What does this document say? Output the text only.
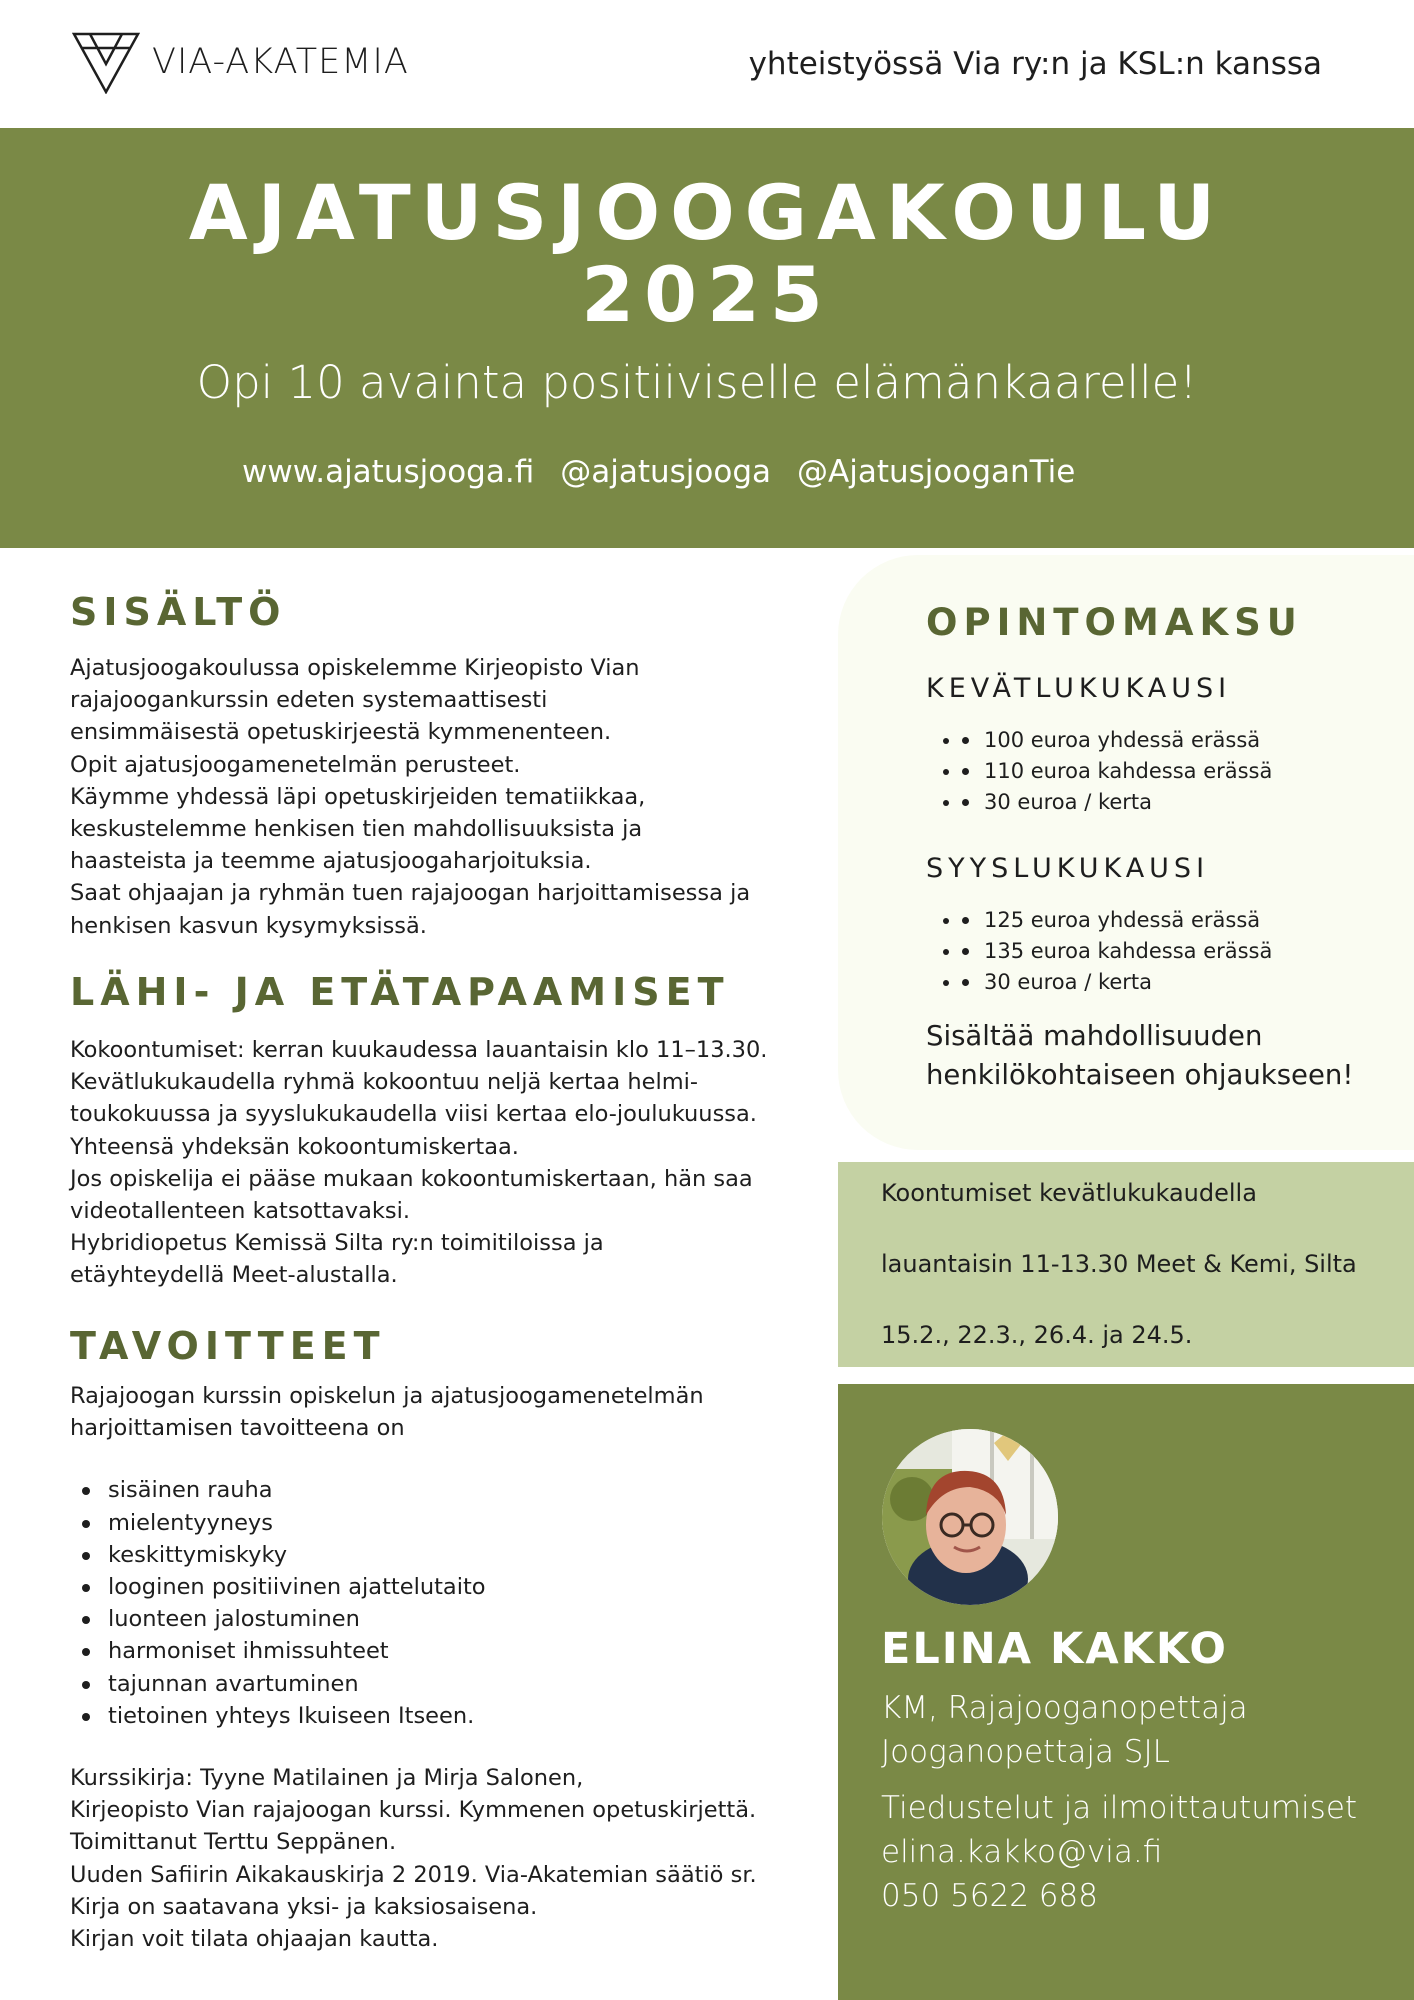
VIA-AKATEMIA	yhteistyössä Via ry:n ja KSL:n kanssa
AJATUSJOOGAKOULU
2025
Opi 10 avainta positiiviselle elämänkaarelle!
www.ajatusjooga.fi @ajatusjooga @AjatusjooganTie
SISÄLTÖ

Ajatusjoogakoulussa opiskelemme Kirjeopisto Vian

rajajoogankurssin edeten systemaattisesti

ensimmäisestä opetuskirjeestä kymmenenteen.

Opit ajatusjoogamenetelmän perusteet.

Käymme yhdessä läpi opetuskirjeiden tematiikkaa,

keskustelemme henkisen tien mahdollisuuksista ja

haasteista ja teemme ajatusjoogaharjoituksia.

Saat ohjaajan ja ryhmän tuen rajajoogan harjoittamisessa ja

henkisen kasvun kysymyksissä.

LÄHI- JA ETÄTAPAAMISET

Kokoontumiset: kerran kuukaudessa lauantaisin klo 11–13.30.

Kevätlukukaudella ryhmä kokoontuu neljä kertaa helmi-

toukokuussa ja syyslukukaudella viisi kertaa elo-joulukuussa.

Yhteensä yhdeksän kokoontumiskertaa.

Jos opiskelija ei pääse mukaan kokoontumiskertaan, hän saa

videotallenteen katsottavaksi.

Hybridiopetus Kemissä Silta ry:n toimitiloissa ja

etäyhteydellä Meet-alustalla.

TAVOITTEET

Rajajoogan kurssin opiskelun ja ajatusjoogamenetelmän

harjoittamisen tavoitteena on

sisäinen rauha
mielentyyneys
keskittymiskyky
looginen positiivinen ajattelutaito
luonteen jalostuminen
harmoniset ihmissuhteet
tajunnan avartuminen
tietoinen yhteys Ikuiseen Itseen.

Kurssikirja: Tyyne Matilainen ja Mirja Salonen,

Kirjeopisto Vian rajajoogan kurssi. Kymmenen opetuskirjettä.

Toimittanut Terttu Seppänen.

Uuden Safiirin Aikakauskirja 2 2019. Via-Akatemian säätiö sr.

Kirja on saatavana yksi- ja kaksiosaisena.

Kirjan voit tilata ohjaajan kautta.

OPINTOMAKSU
KEVÄTLUKUKAUSI
• 100 euroa yhdessä erässä
• 110 euroa kahdessa erässä
• 30 euroa / kerta
SYYSLUKUKAUSI
• 125 euroa yhdessä erässä
• 135 euroa kahdessa erässä
• 30 euroa / kerta
Sisältää mahdollisuuden
henkilökohtaiseen ohjaukseen!
Koontumiset kevätlukukaudella
lauantaisin 11-13.30 Meet & Kemi, Silta
15.2., 22.3., 26.4. ja 24.5.
ELINA KAKKO
KM, Rajajooganopettaja
Jooganopettaja SJL
Tiedustelut ja ilmoittautumiset
elina.kakko@via.fi
050 5622 688
